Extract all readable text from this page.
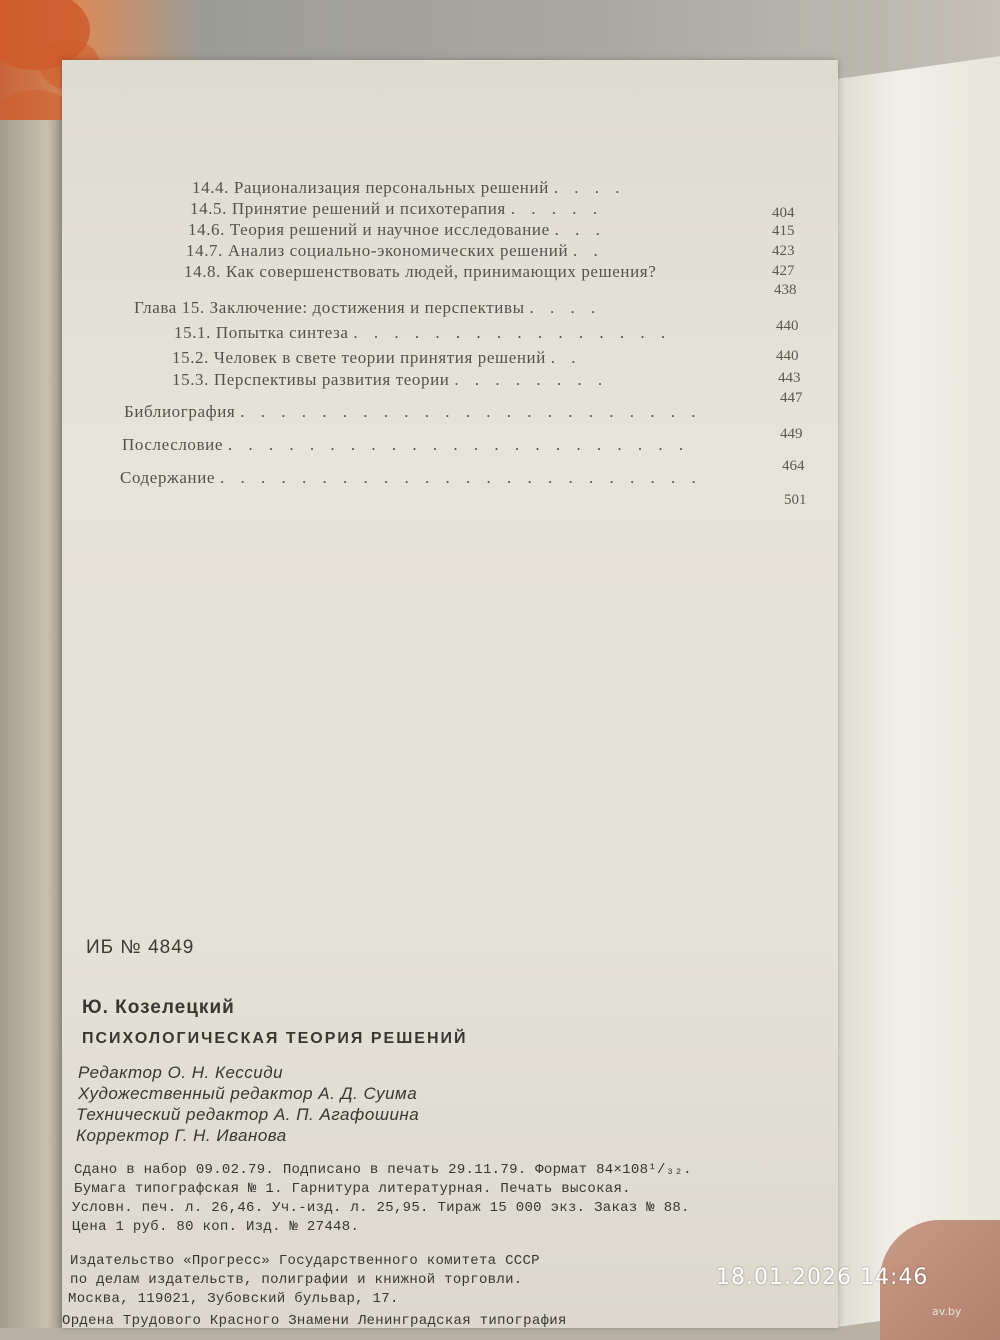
14.4. Рационализация персональных решений . . . .
14.5. Принятие решений и психотерапия . . . . .
14.6. Теория решений и научное исследование . . .
14.7. Анализ социально-экономических решений . .
14.8. Как совершенствовать людей, принимающих решения?
Глава 15. Заключение: достижения и перспективы . . . .
15.1. Попытка синтеза . . . . . . . . . . . . . . . .
15.2. Человек в свете теории принятия решений . .
15.3. Перспективы развития теории . . . . . . . .
Библиография . . . . . . . . . . . . . . . . . . . . . . .
Послесловие . . . . . . . . . . . . . . . . . . . . . . .
Содержание . . . . . . . . . . . . . . . . . . . . . . . .
404
415
423
427
438
440
440
443
447
449
464
501
ИБ № 4849
Ю. Козелецкий
ПСИХОЛОГИЧЕСКАЯ ТЕОРИЯ РЕШЕНИЙ
Редактор О. Н. Кессиди
Художественный редактор А. Д. Суима
Технический редактор А. П. Агафошина
Корректор Г. Н. Иванова
Сдано в набор 09.02.79. Подписано в печать 29.11.79. Формат 84×108¹/₃₂.
Бумага типографская № 1. Гарнитура литературная. Печать высокая.
Условн. печ. л. 26,46. Уч.-изд. л. 25,95. Тираж 15 000 экз. Заказ № 88.
Цена 1 руб. 80 коп. Изд. № 27448.
Издательство «Прогресс» Государственного комитета СССР
по делам издательств, полиграфии и книжной торговли.
Москва, 119021, Зубовский бульвар, 17.
Ордена Трудового Красного Знамени Ленинградская типография
18.01.2026 14:46
av.by
